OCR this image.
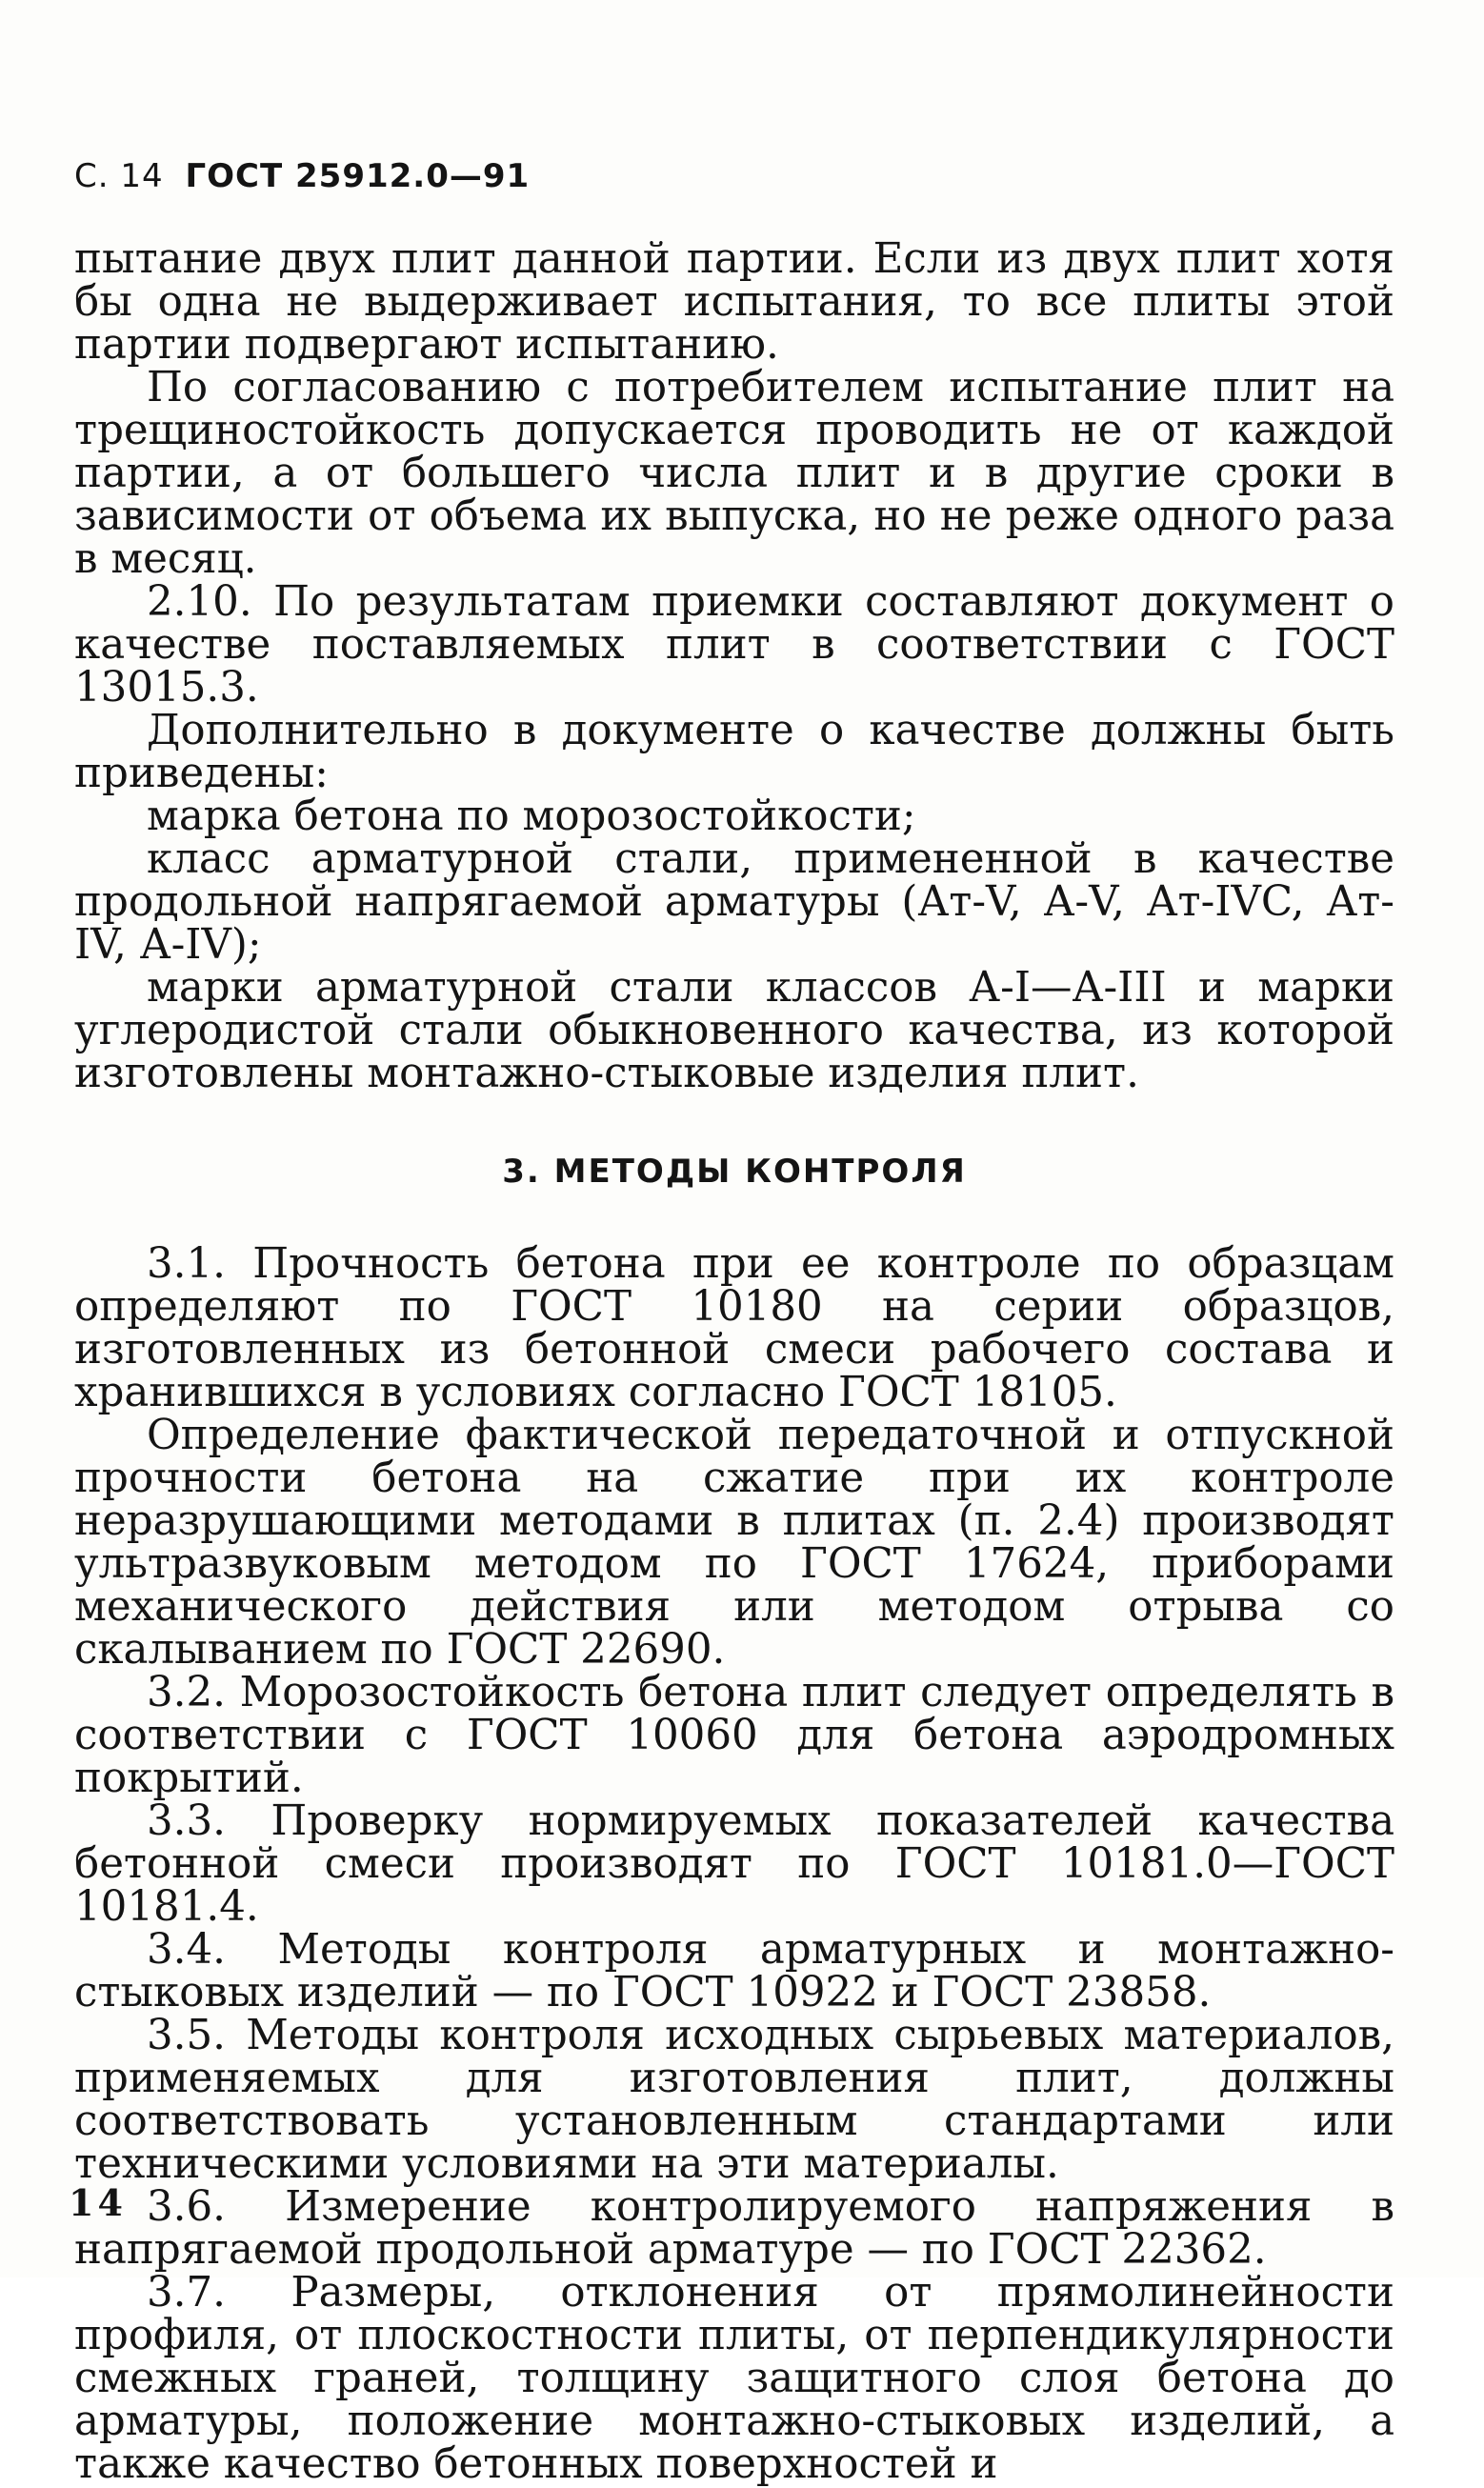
С. 14 ГОСТ 25912.0—91

пытание двух плит данной партии. Если из двух плит хотя бы одна не выдерживает испытания, то все плиты этой партии подвергают испытанию.

По согласованию с потребителем испытание плит на трещиностойкость допускается проводить не от каждой партии, а от большего числа плит и в другие сроки в зависимости от объема их выпуска, но не реже одного раза в месяц.

2.10. По результатам приемки составляют документ о качестве поставляемых плит в соответствии с ГОСТ 13015.3.

Дополнительно в документе о качестве должны быть приведены:

марка бетона по морозостойкости;

класс арматурной стали, примененной в качестве продольной напрягаемой арматуры (Ат-V, А-V, Ат-IVC, Ат-IV, А-IV);

марки арматурной стали классов А-I—А-III и марки углеродистой стали обыкновенного качества, из которой изготовлены монтажно-стыковые изделия плит.

3. МЕТОДЫ КОНТРОЛЯ

3.1. Прочность бетона при ее контроле по образцам определяют по ГОСТ 10180 на серии образцов, изготовленных из бетонной смеси рабочего состава и хранившихся в условиях согласно ГОСТ 18105.

Определение фактической передаточной и отпускной прочности бетона на сжатие при их контроле неразрушающими методами в плитах (п. 2.4) производят ультразвуковым методом по ГОСТ 17624, приборами механического действия или методом отрыва со скалыванием по ГОСТ 22690.

3.2. Морозостойкость бетона плит следует определять в соответствии с ГОСТ 10060 для бетона аэродромных покрытий.

3.3. Проверку нормируемых показателей качества бетонной смеси производят по ГОСТ 10181.0—ГОСТ 10181.4.

3.4. Методы контроля арматурных и монтажно-стыковых изделий — по ГОСТ 10922 и ГОСТ 23858.

3.5. Методы контроля исходных сырьевых материалов, применяемых для изготовления плит, должны соответствовать установленным стандартами или техническими условиями на эти материалы.

3.6. Измерение контролируемого напряжения в напрягаемой продольной арматуре — по ГОСТ 22362.

3.7. Размеры, отклонения от прямолинейности профиля, от плоскостности плиты, от перпендикулярности смежных граней, толщину защитного слоя бетона до арматуры, положение монтажно-стыковых изделий, а также качество бетонных поверхностей и

14
